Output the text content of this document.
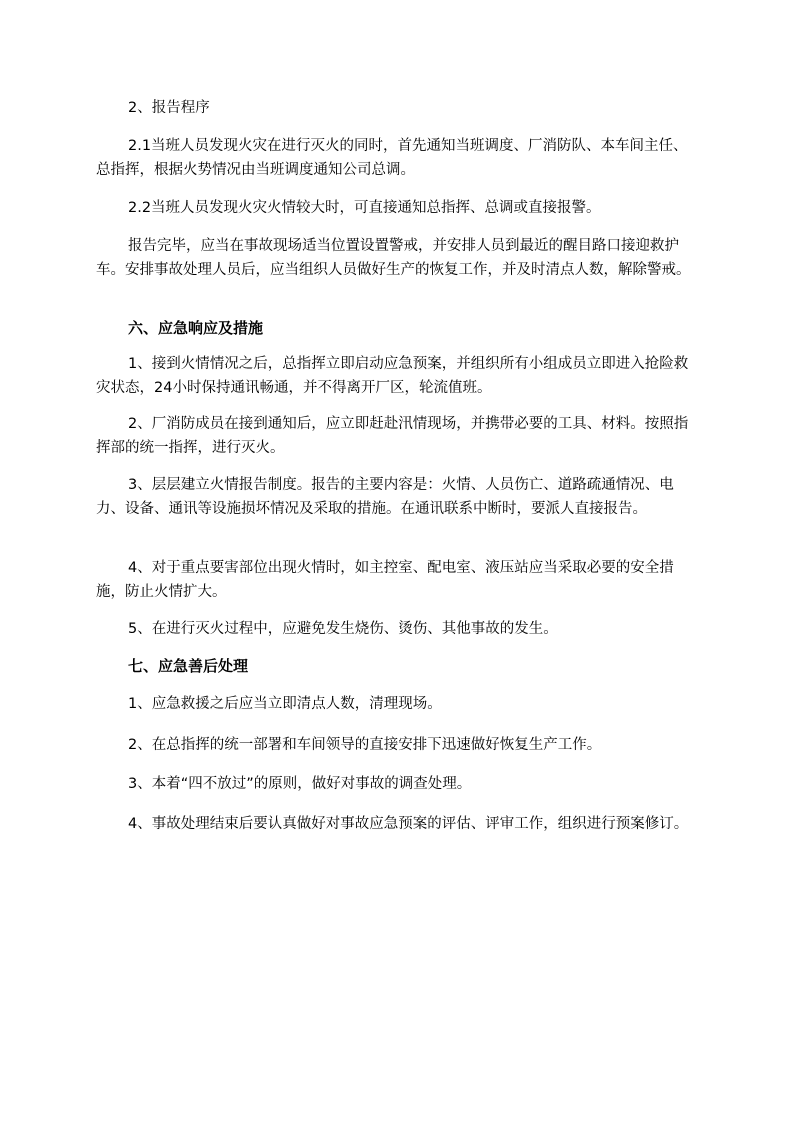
2、报告程序
2.1当班人员发现火灾在进行灭火的同时，首先通知当班调度、厂消防队、本车间主任、总指挥，根据火势情况由当班调度通知公司总调。
2.2当班人员发现火灾火情较大时，可直接通知总指挥、总调或直接报警。
报告完毕，应当在事故现场适当位置设置警戒，并安排人员到最近的醒目路口接迎救护车。安排事故处理人员后，应当组织人员做好生产的恢复工作，并及时清点人数，解除警戒。
六、应急响应及措施
1、接到火情情况之后，总指挥立即启动应急预案，并组织所有小组成员立即进入抢险救灾状态，24小时保持通讯畅通，并不得离开厂区，轮流值班。
2、厂消防成员在接到通知后，应立即赶赴汛情现场，并携带必要的工具、材料。按照指挥部的统一指挥，进行灭火。
3、层层建立火情报告制度。报告的主要内容是：火情、人员伤亡、道路疏通情况、电力、设备、通讯等设施损坏情况及采取的措施。在通讯联系中断时，要派人直接报告。
4、对于重点要害部位出现火情时，如主控室、配电室、液压站应当采取必要的安全措施，防止火情扩大。
5、在进行灭火过程中，应避免发生烧伤、烫伤、其他事故的发生。
七、应急善后处理
1、应急救援之后应当立即清点人数，清理现场。
2、在总指挥的统一部署和车间领导的直接安排下迅速做好恢复生产工作。
3、本着“四不放过”的原则，做好对事故的调查处理。
4、事故处理结束后要认真做好对事故应急预案的评估、评审工作，组织进行预案修订。
